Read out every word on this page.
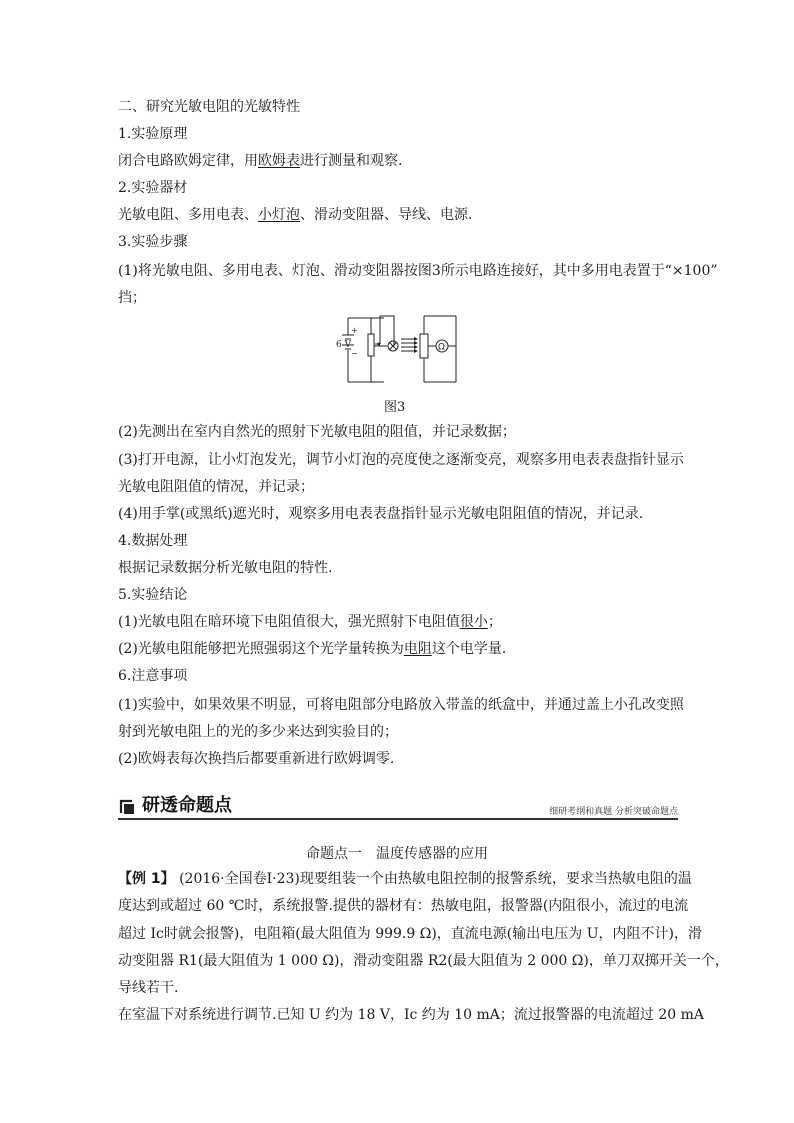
二、研究光敏电阻的光敏特性
1.实验原理
闭合电路欧姆定律，用欧姆表进行测量和观察.
2.实验器材
光敏电阻、多用电表、小灯泡、滑动变阻器、导线、电源.
3.实验步骤
(1)将光敏电阻、多用电表、灯泡、滑动变阻器按图3所示电路连接好，其中多用电表置于“×100”
挡；
+
6 V
−
Ω
图3
(2)先测出在室内自然光的照射下光敏电阻的阻值，并记录数据；
(3)打开电源，让小灯泡发光，调节小灯泡的亮度使之逐渐变亮，观察多用电表表盘指针显示
光敏电阻阻值的情况，并记录；
(4)用手掌(或黑纸)遮光时，观察多用电表表盘指针显示光敏电阻阻值的情况，并记录.
4.数据处理
根据记录数据分析光敏电阻的特性.
5.实验结论
(1)光敏电阻在暗环境下电阻值很大，强光照射下电阻值很小；
(2)光敏电阻能够把光照强弱这个光学量转换为电阻这个电学量.
6.注意事项
(1)实验中，如果效果不明显，可将电阻部分电路放入带盖的纸盒中，并通过盖上小孔改变照
射到光敏电阻上的光的多少来达到实验目的；
(2)欧姆表每次换挡后都要重新进行欧姆调零.
研透命题点	细研考纲和真题 分析突破命题点
命题点一　温度传感器的应用
【例 1】 (2016·全国卷Ⅰ·23)现要组装一个由热敏电阻控制的报警系统，要求当热敏电阻的温
度达到或超过 60 ℃时，系统报警.提供的器材有：热敏电阻，报警器(内阻很小，流过的电流
超过 Ic时就会报警)，电阻箱(最大阻值为 999.9 Ω)，直流电源(输出电压为 U，内阻不计)，滑
动变阻器 R1(最大阻值为 1 000 Ω)，滑动变阻器 R2(最大阻值为 2 000 Ω)，单刀双掷开关一个，
导线若干.
在室温下对系统进行调节.已知 U 约为 18 V，Ic 约为 10 mA；流过报警器的电流超过 20 mA
